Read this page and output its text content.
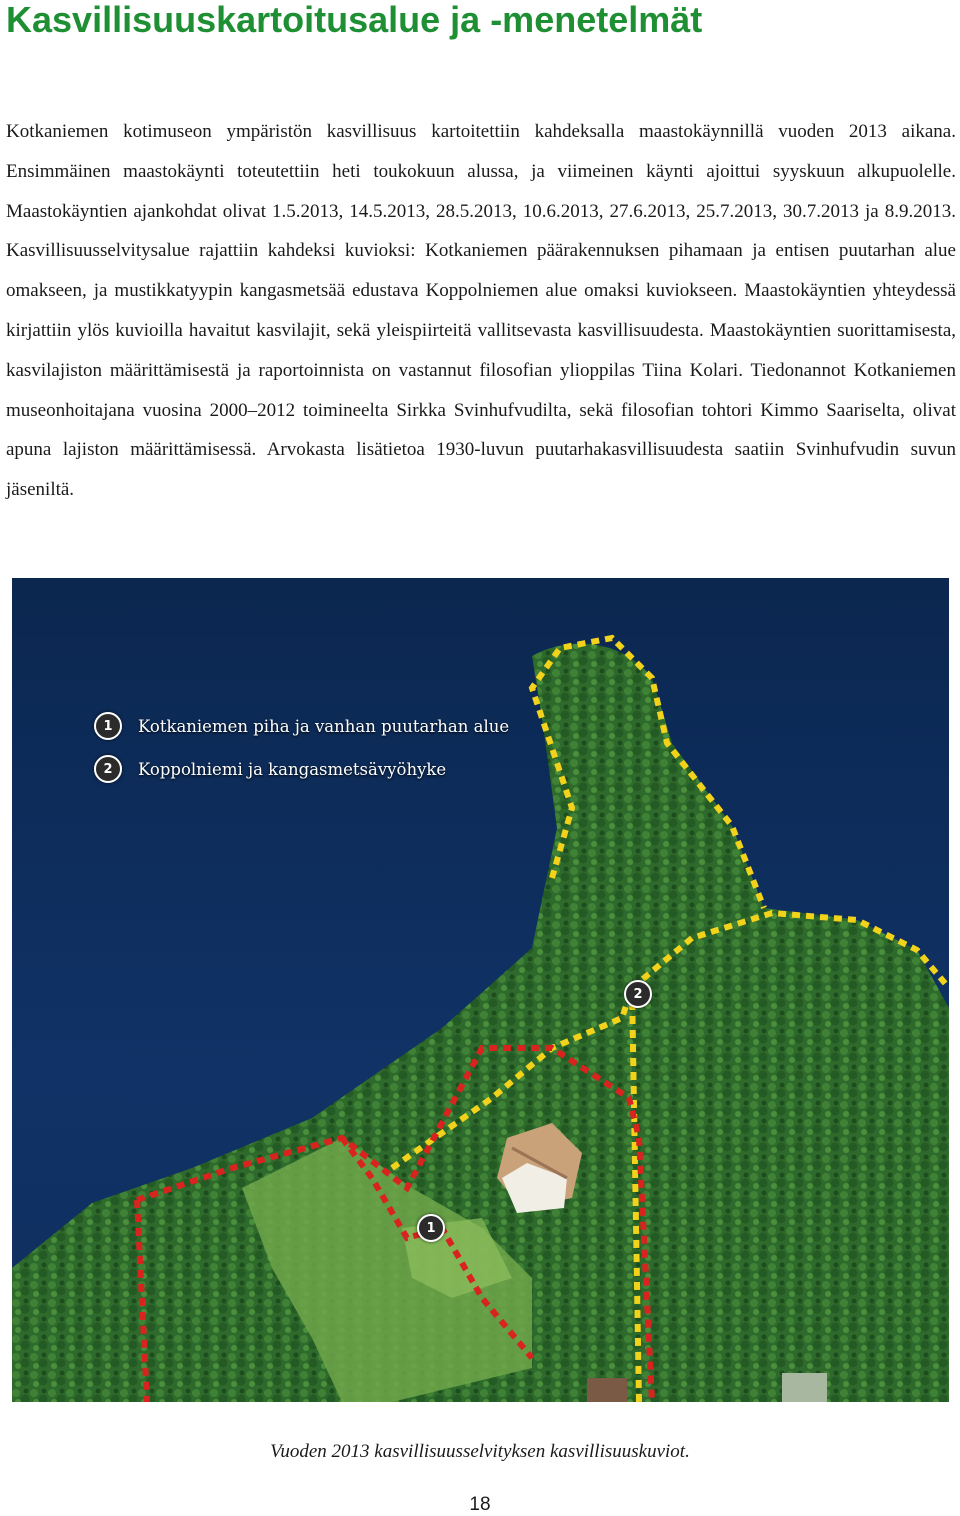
Kasvillisuuskartoitusalue ja -menetelmät

Kotkaniemen kotimuseon ympäristön kasvillisuus kartoitettiin kahdeksalla maastokäynnillä vuoden 2013 aikana. Ensimmäinen maastokäynti toteutettiin heti toukokuun alussa, ja viimeinen käynti ajoittui syyskuun alkupuolelle. Maastokäyntien ajankohdat olivat 1.5.2013, 14.5.2013, 28.5.2013, 10.6.2013, 27.6.2013, 25.7.2013, 30.7.2013 ja 8.9.2013. Kasvillisuusselvitysalue rajattiin kahdeksi kuvioksi: Kotkaniemen päärakennuksen pihamaan ja entisen puutarhan alue omakseen, ja mustikkatyypin kangasmetsää edustava Koppolniemen alue omaksi kuviokseen. Maastokäyntien yhteydessä kirjattiin ylös kuvioilla havaitut kasvilajit, sekä yleispiirteitä vallitsevasta kasvillisuudesta. Maastokäyntien suorittamisesta, kasvilajiston määrittämisestä ja raportoinnista on vastannut filosofian ylioppilas Tiina Kolari. Tiedonannot Kotkaniemen museonhoitajana vuosina 2000–2012 toimineelta Sirkka Svinhufvudilta, sekä filosofian tohtori Kimmo Saariselta, olivat apuna lajiston määrittämisessä. Arvokasta lisätietoa 1930-luvun puutarhakasvillisuudesta saatiin Svinhufvudin suvun jäseniltä.

1	Kotkaniemen piha ja vanhan puutarhan alue
2	Koppolniemi ja kangasmetsävyöhyke
2
1

Vuoden 2013 kasvillisuusselvityksen kasvillisuuskuviot.

18
